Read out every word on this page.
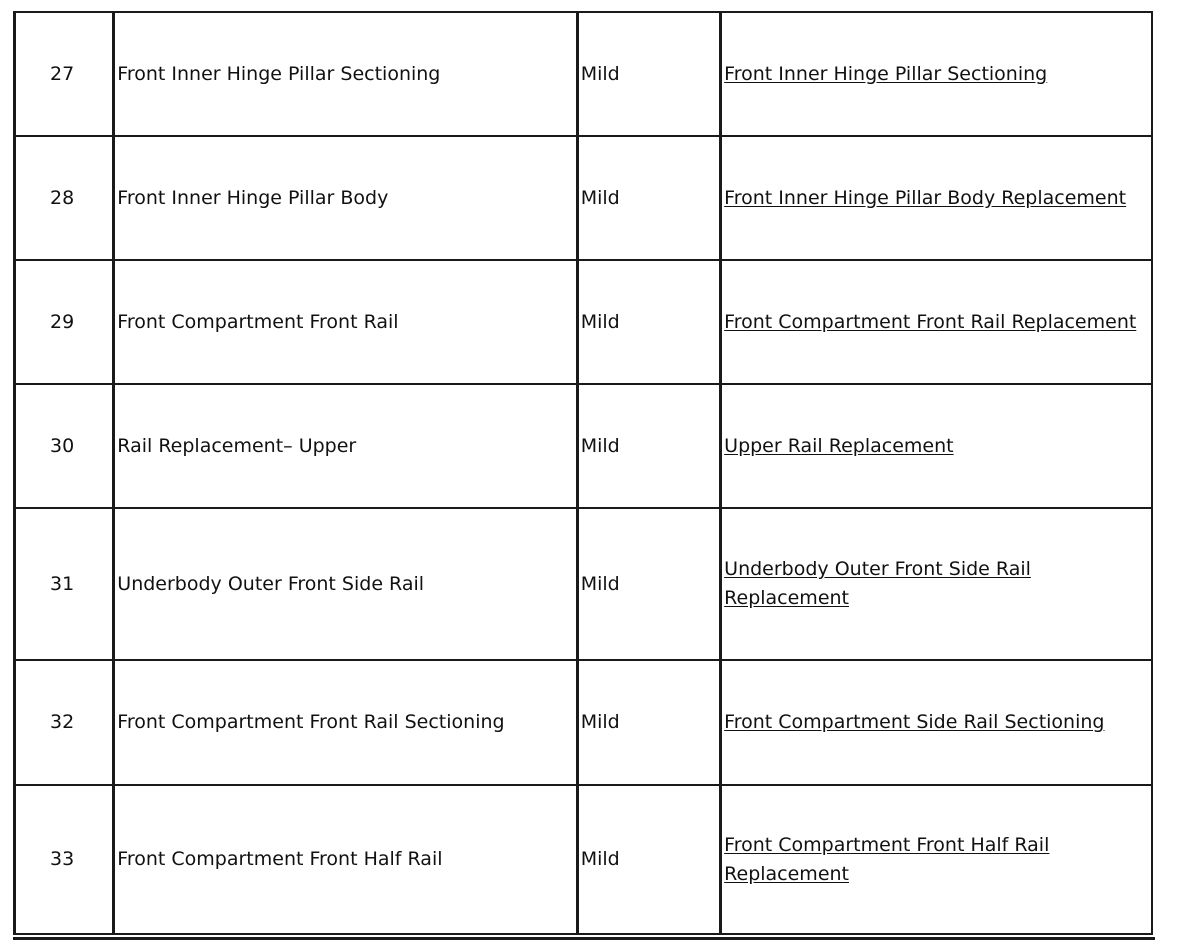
27	Front Inner Hinge Pillar Sectioning	Mild	Front Inner Hinge Pillar Sectioning
28	Front Inner Hinge Pillar Body	Mild	Front Inner Hinge Pillar Body Replacement
29	Front Compartment Front Rail	Mild	Front Compartment Front Rail Replacement
30	Rail Replacement– Upper	Mild	Upper Rail Replacement
31	Underbody Outer Front Side Rail	Mild	Underbody Outer Front Side Rail Replacement
32	Front Compartment Front Rail Sectioning	Mild	Front Compartment Side Rail Sectioning
33	Front Compartment Front Half Rail	Mild	Front Compartment Front Half Rail Replacement
